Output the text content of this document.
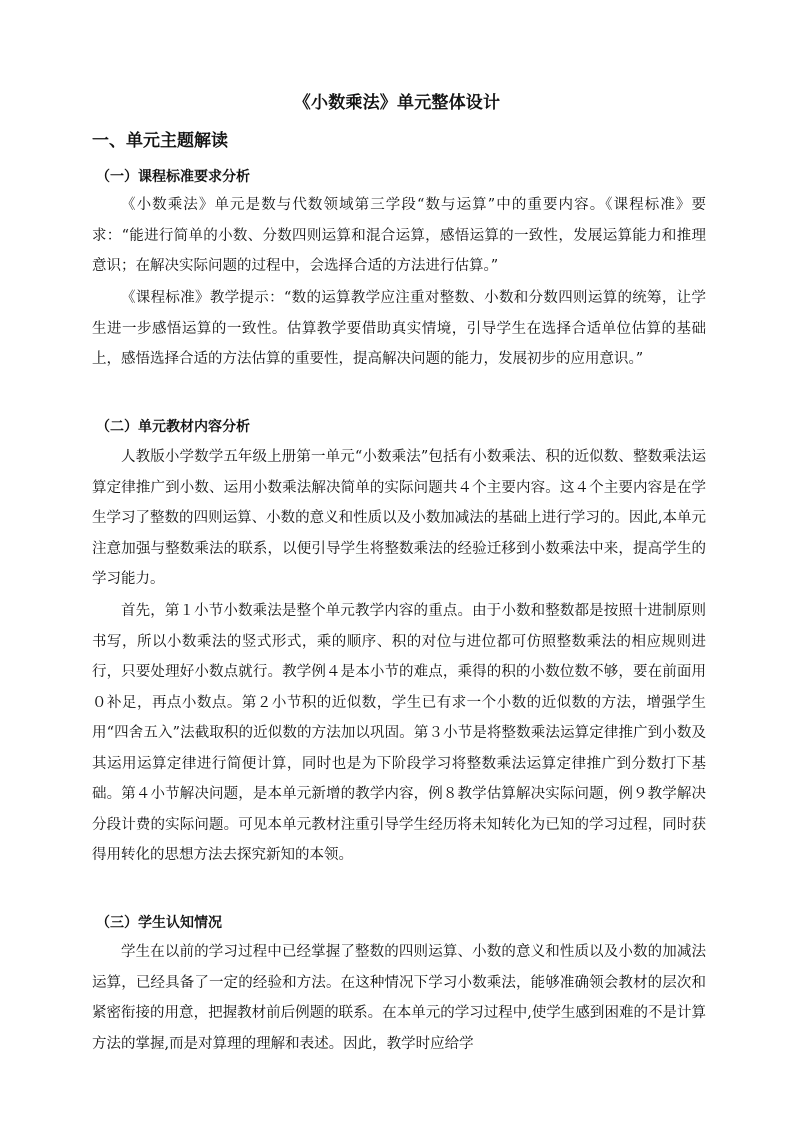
《小数乘法》单元整体设计
一、单元主题解读
（一）课程标准要求分析

《小数乘法》单元是数与代数领域第三学段“数与运算”中的重要内容。《课程标准》要求：“能进行简单的小数、分数四则运算和混合运算，感悟运算的一致性，发展运算能力和推理意识；在解决实际问题的过程中，会选择合适的方法进行估算。”

《课程标准》教学提示：“数的运算教学应注重对整数、小数和分数四则运算的统筹，让学生进一步感悟运算的一致性。估算教学要借助真实情境，引导学生在选择合适单位估算的基础上，感悟选择合适的方法估算的重要性，提高解决问题的能力，发展初步的应用意识。”

（二）单元教材内容分析

人教版小学数学五年级上册第一单元“小数乘法”包括有小数乘法、积的近似数、整数乘法运算定律推广到小数、运用小数乘法解决简单的实际问题共４个主要内容。这４个主要内容是在学生学习了整数的四则运算、小数的意义和性质以及小数加减法的基础上进行学习的。因此,本单元注意加强与整数乘法的联系，以便引导学生将整数乘法的经验迁移到小数乘法中来，提高学生的学习能力。

首先，第１小节小数乘法是整个单元教学内容的重点。由于小数和整数都是按照十进制原则书写，所以小数乘法的竖式形式，乘的顺序、积的对位与进位都可仿照整数乘法的相应规则进行，只要处理好小数点就行。教学例４是本小节的难点，乘得的积的小数位数不够，要在前面用０补足，再点小数点。第２小节积的近似数，学生已有求一个小数的近似数的方法，增强学生用“四舍五入”法截取积的近似数的方法加以巩固。第３小节是将整数乘法运算定律推广到小数及其运用运算定律进行简便计算，同时也是为下阶段学习将整数乘法运算定律推广到分数打下基础。第４小节解决问题，是本单元新增的教学内容，例８教学估算解决实际问题，例９教学解决分段计费的实际问题。可见本单元教材注重引导学生经历将未知转化为已知的学习过程，同时获得用转化的思想方法去探究新知的本领。

（三）学生认知情况

学生在以前的学习过程中已经掌握了整数的四则运算、小数的意义和性质以及小数的加减法运算，已经具备了一定的经验和方法。在这种情况下学习小数乘法，能够准确领会教材的层次和紧密衔接的用意，把握教材前后例题的联系。在本单元的学习过程中,使学生感到困难的不是计算方法的掌握,而是对算理的理解和表述。因此，教学时应给学
